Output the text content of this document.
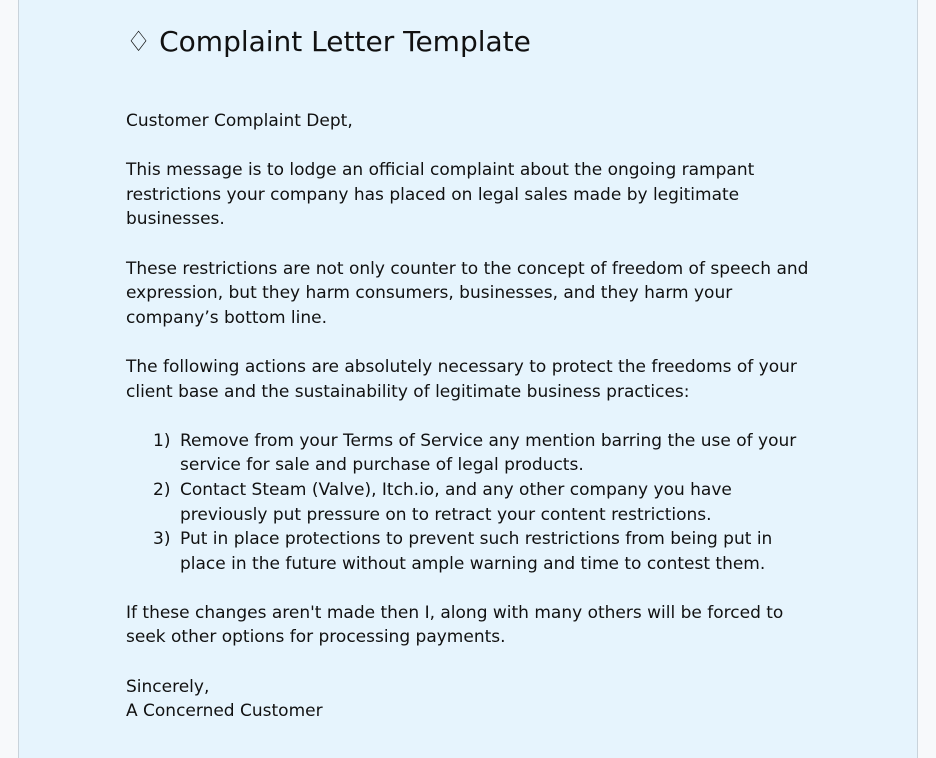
♢ Complaint Letter Template

Customer Complaint Dept,

This message is to lodge an official complaint about the ongoing rampant restrictions your company has placed on legal sales made by legitimate businesses.

These restrictions are not only counter to the concept of freedom of speech and expression, but they harm consumers, businesses, and they harm your company’s bottom line.

The following actions are absolutely necessary to protect the freedoms of your client base and the sustainability of legitimate business practices:

1) Remove from your Terms of Service any mention barring the use of your service for sale and purchase of legal products.
2) Contact Steam (Valve), Itch.io, and any other company you have previously put pressure on to retract your content restrictions.
3) Put in place protections to prevent such restrictions from being put in place in the future without ample warning and time to contest them.

If these changes aren't made then I, along with many others will be forced to seek other options for processing payments.

Sincerely,
A Concerned Customer
